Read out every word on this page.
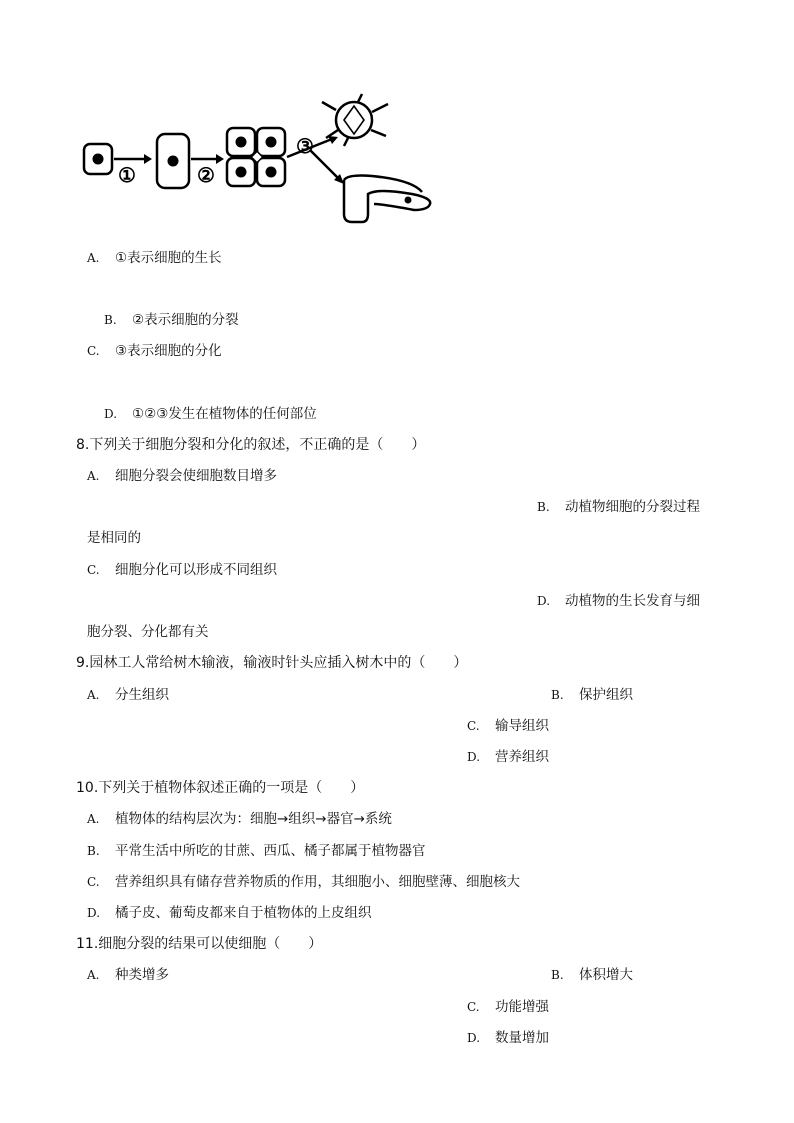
①	②
③
A. ①表示细胞的生长
B. ②表示细胞的分裂
C. ③表示细胞的分化
D. ①②③发生在植物体的任何部位
8.下列关于细胞分裂和分化的叙述，不正确的是（　　）
A. 细胞分裂会使细胞数目增多
B. 动植物细胞的分裂过程
是相同的
C. 细胞分化可以形成不同组织
D. 动植物的生长发育与细
胞分裂、分化都有关
9.园林工人常给树木输液，输液时针头应插入树木中的（　　）
A. 分生组织	B. 保护组织
C. 输导组织
D. 营养组织
10.下列关于植物体叙述正确的一项是（　　）
A. 植物体的结构层次为：细胞→组织→器官→系统
B. 平常生活中所吃的甘蔗、西瓜、橘子都属于植物器官
C. 营养组织具有储存营养物质的作用，其细胞小、细胞壁薄、细胞核大
D. 橘子皮、葡萄皮都来自于植物体的上皮组织
11.细胞分裂的结果可以使细胞（　　）
A. 种类增多	B. 体积增大
C. 功能增强
D. 数量增加
